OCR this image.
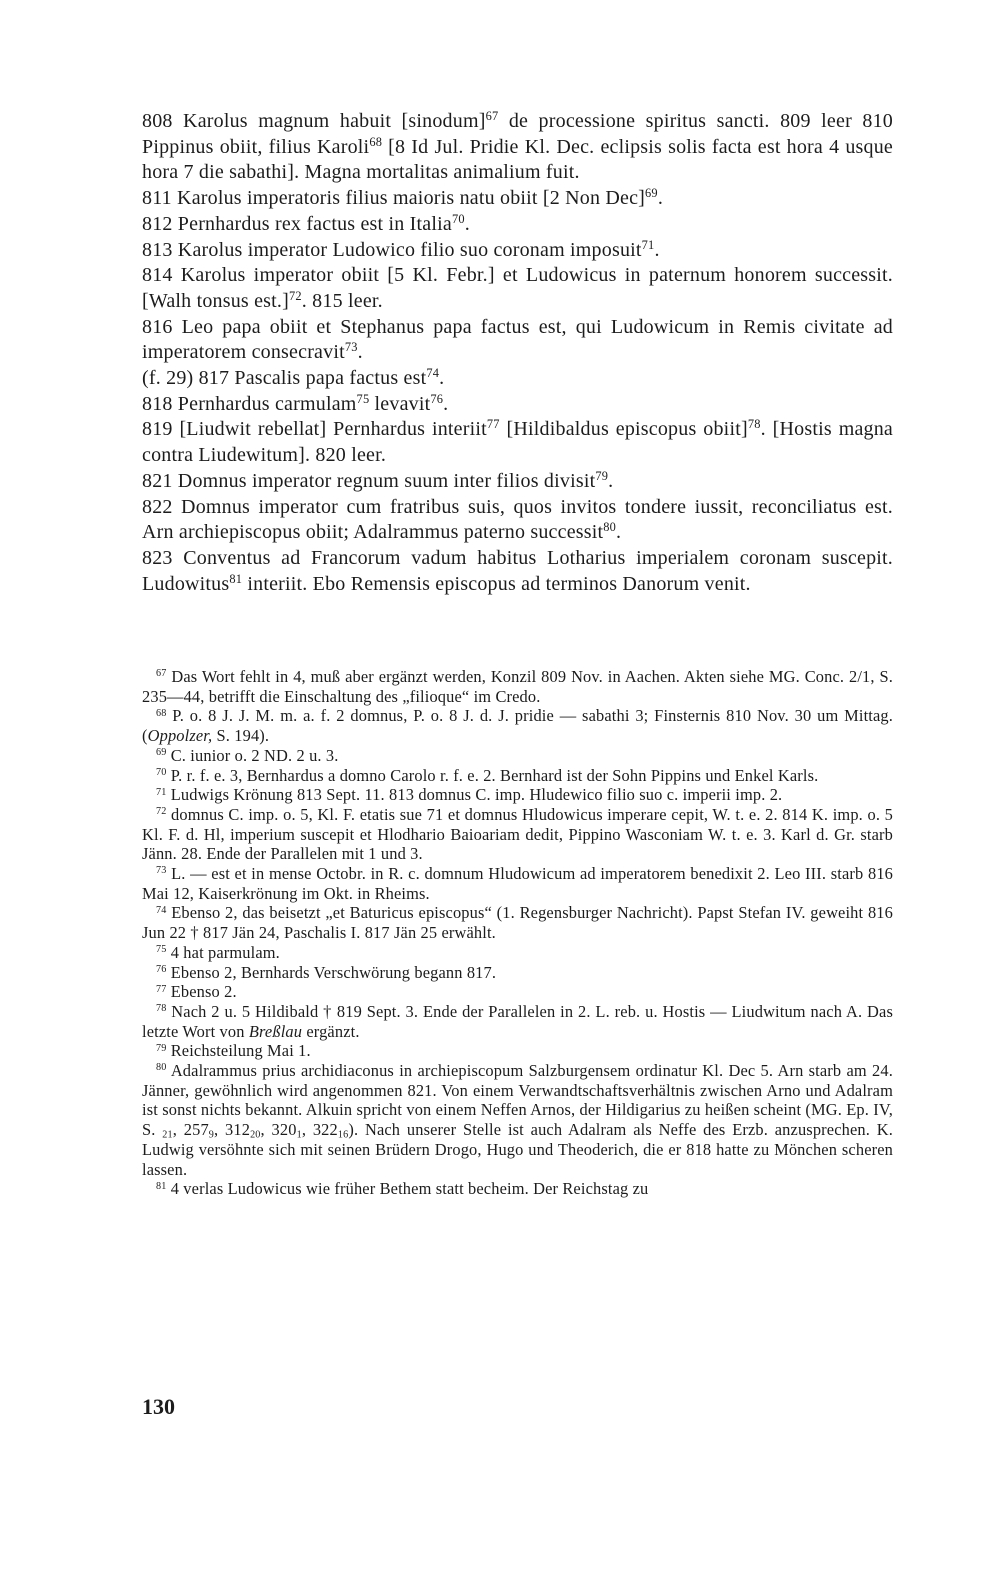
808 Karolus magnum habuit [sinodum]$^{67}$ de processione spiritus sancti. 809 leer 810 Pippinus obiit, filius Karoli$^{68}$ [8 Id Jul. Pridie Kl. Dec. eclipsis solis facta est hora 4 usque hora 7 die sabathi]. Magna mortalitas animalium fuit.

811 Karolus imperatoris filius maioris natu obiit [2 Non Dec]$^{69}$.

812 Pernhardus rex factus est in Italia$^{70}$.

813 Karolus imperator Ludowico filio suo coronam imposuit$^{71}$.

814 Karolus imperator obiit [5 Kl. Febr.] et Ludowicus in paternum honorem successit. [Walh tonsus est.]$^{72}$. 815 leer.

816 Leo papa obiit et Stephanus papa factus est, qui Ludowicum in Remis civitate ad imperatorem consecravit$^{73}$.

(f. 29) 817 Pascalis papa factus est$^{74}$.

818 Pernhardus carmulam$^{75}$ levavit$^{76}$.

819 [Liudwit rebellat] Pernhardus interiit$^{77}$ [Hildibaldus episcopus obiit]$^{78}$. [Hostis magna contra Liudewitum]. 820 leer.

821 Domnus imperator regnum suum inter filios divisit$^{79}$.

822 Domnus imperator cum fratribus suis, quos invitos tondere iussit, reconciliatus est. Arn archiepiscopus obiit; Adalrammus paterno successit$^{80}$.

823 Conventus ad Francorum vadum habitus Lotharius imperialem coronam suscepit. Ludowitus$^{81}$ interiit. Ebo Remensis episcopus ad terminos Danorum venit.

$^{67}$ Das Wort fehlt in 4, muß aber ergänzt werden, Konzil 809 Nov. in Aachen. Akten siehe MG. Conc. 2/1, S. 235—44, betrifft die Einschaltung des „filioque“ im Credo.

$^{68}$ P. o. 8 J. J. M. m. a. f. 2 domnus, P. o. 8 J. d. J. pridie — sabathi 3; Finsternis 810 Nov. 30 um Mittag. (Oppolzer, S. 194).

$^{69}$ C. iunior o. 2 ND. 2 u. 3.

$^{70}$ P. r. f. e. 3, Bernhardus a domno Carolo r. f. e. 2. Bernhard ist der Sohn Pippins und Enkel Karls.

$^{71}$ Ludwigs Krönung 813 Sept. 11. 813 domnus C. imp. Hludewico filio suo c. imperii imp. 2.

$^{72}$ domnus C. imp. o. 5, Kl. F. etatis sue 71 et domnus Hludowicus imperare cepit, W. t. e. 2. 814 K. imp. o. 5 Kl. F. d. Hl, imperium suscepit et Hlodhario Baioariam dedit, Pippino Wasconiam W. t. e. 3. Karl d. Gr. starb Jänn. 28. Ende der Parallelen mit 1 und 3.

$^{73}$ L. — est et in mense Octobr. in R. c. domnum Hludowicum ad imperatorem benedixit 2. Leo III. starb 816 Mai 12, Kaiserkrönung im Okt. in Rheims.

$^{74}$ Ebenso 2, das beisetzt „et Baturicus episcopus“ (1. Regensburger Nachricht). Papst Stefan IV. geweiht 816 Jun 22 † 817 Jän 24, Paschalis I. 817 Jän 25 erwählt.

$^{75}$ 4 hat parmulam.

$^{76}$ Ebenso 2, Bernhards Verschwörung begann 817.

$^{77}$ Ebenso 2.

$^{78}$ Nach 2 u. 5 Hildibald † 819 Sept. 3. Ende der Parallelen in 2. L. reb. u. Hostis — Liudwitum nach A. Das letzte Wort von Breßlau ergänzt.

$^{79}$ Reichsteilung Mai 1.

$^{80}$ Adalrammus prius archidiaconus in archiepiscopum Salzburgensem ordinatur Kl. Dec 5. Arn starb am 24. Jänner, gewöhnlich wird angenommen 821. Von einem Verwandtschaftsverhältnis zwischen Arno und Adalram ist sonst nichts bekannt. Alkuin spricht von einem Neffen Arnos, der Hildigarius zu heißen scheint (MG. Ep. IV, S. $_{21}$, $257_9$, $312_{20}$, $320_1$, $322_{16}$). Nach unserer Stelle ist auch Adalram als Neffe des Erzb. anzusprechen. K. Ludwig versöhnte sich mit seinen Brüdern Drogo, Hugo und Theoderich, die er 818 hatte zu Mönchen scheren lassen.

$^{81}$ 4 verlas Ludowicus wie früher Bethem statt becheim. Der Reichstag zu

130
